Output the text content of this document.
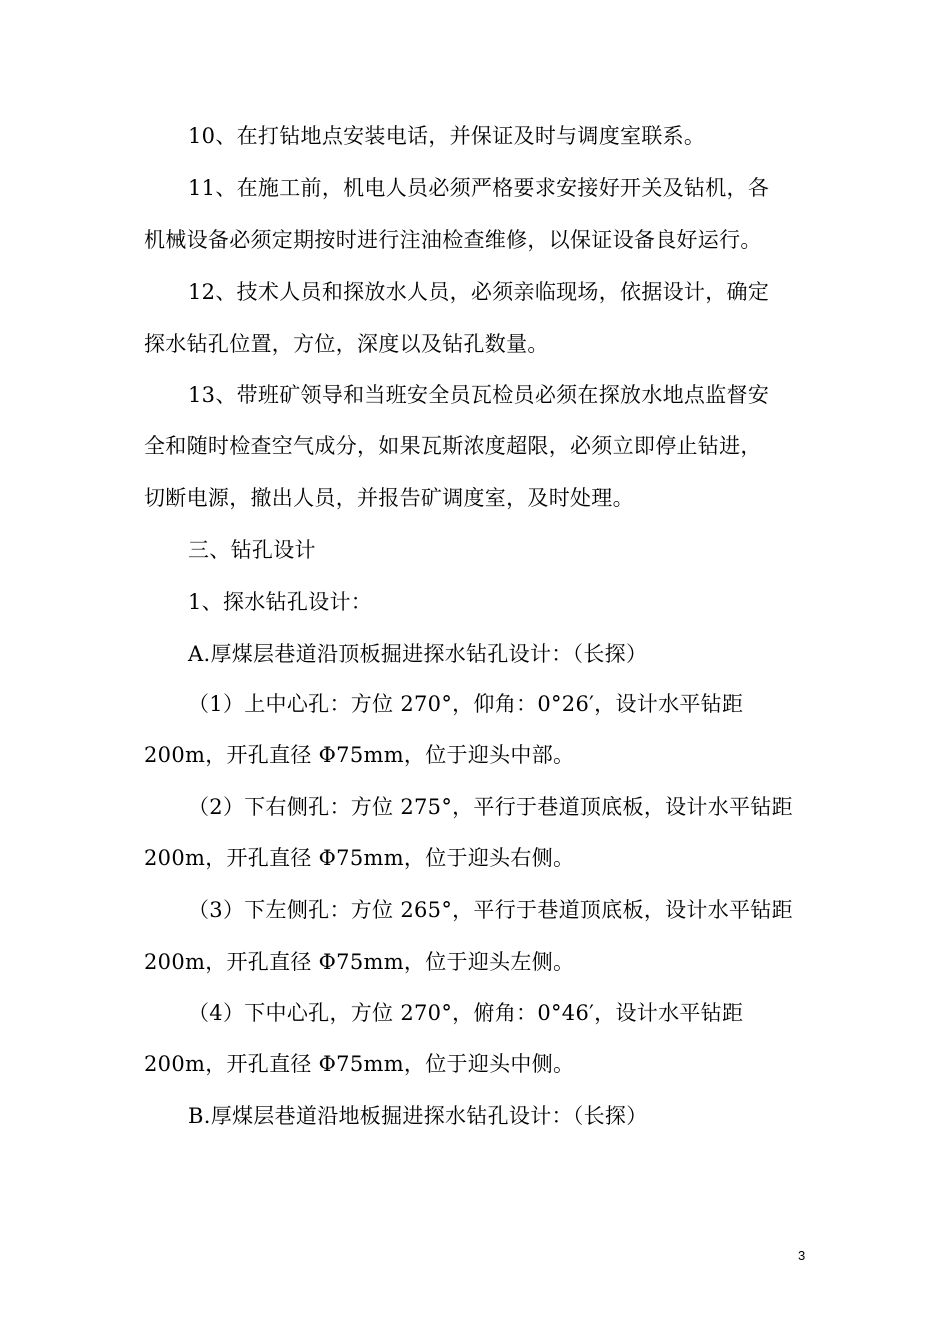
10、在打钻地点安装电话，并保证及时与调度室联系。
11、在施工前，机电人员必须严格要求安接好开关及钻机，各
机械设备必须定期按时进行注油检查维修，以保证设备良好运行。
12、技术人员和探放水人员，必须亲临现场，依据设计，确定
探水钻孔位置，方位，深度以及钻孔数量。
13、带班矿领导和当班安全员瓦检员必须在探放水地点监督安
全和随时检查空气成分，如果瓦斯浓度超限，必须立即停止钻进，
切断电源，撤出人员，并报告矿调度室，及时处理。
三、钻孔设计
1、探水钻孔设计：
A.厚煤层巷道沿顶板掘进探水钻孔设计：（长探）
（1）上中心孔：方位 270°，仰角：0°26′，设计水平钻距
200m，开孔直径 Φ75mm，位于迎头中部。
（2）下右侧孔：方位 275°，平行于巷道顶底板，设计水平钻距
200m，开孔直径 Φ75mm，位于迎头右侧。
（3）下左侧孔：方位 265°，平行于巷道顶底板，设计水平钻距
200m，开孔直径 Φ75mm，位于迎头左侧。
（4）下中心孔，方位 270°，俯角：0°46′，设计水平钻距
200m，开孔直径 Φ75mm，位于迎头中侧。
B.厚煤层巷道沿地板掘进探水钻孔设计：（长探）
3
